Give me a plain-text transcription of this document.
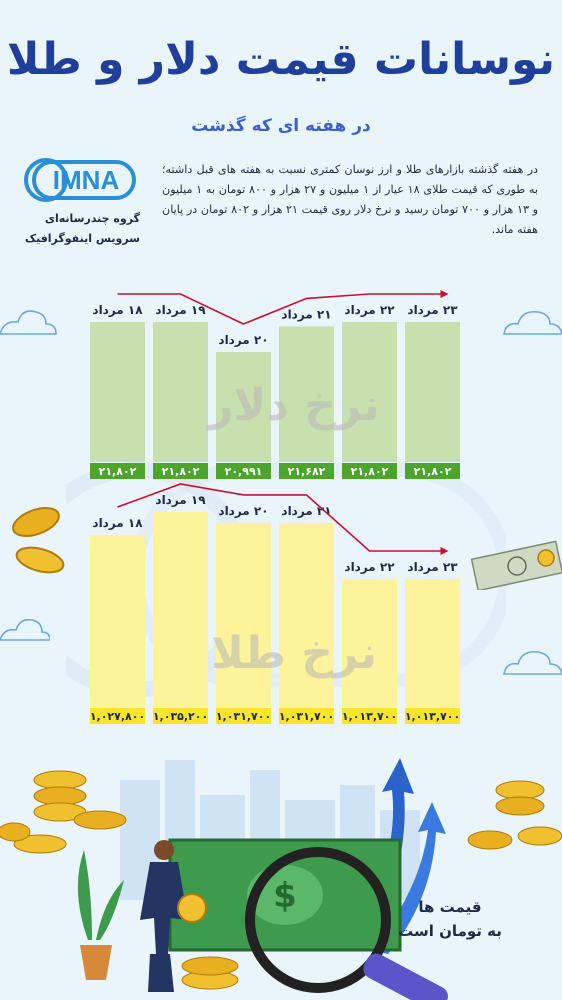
نوسانات قیمت دلار و طلا
در هفته ای که گذشت
IMNA
گروه چندرسانه‌ای
سرویس اینفوگرافیک
در هفته گذشته بازارهای طلا و ارز نوسان کمتری نسبت به هفته های قبل داشته؛ به طوری که قیمت طلای ۱۸ عیار از ۱ میلیون و ۲۷ هزار و ۸۰۰ تومان به ۱ میلیون و ۱۳ هزار و ۷۰۰ تومان رسید و نرخ دلار روی قیمت ۲۱ هزار و ۸۰۲ تومان در پایان هفته ماند.
۱۸ مرداد
۲۱,۸۰۲
۱۹ مرداد
۲۱,۸۰۲
۲۰ مرداد
۲۰,۹۹۱
۲۱ مرداد
۲۱,۶۸۲
۲۲ مرداد
۲۱,۸۰۲
۲۳ مرداد
۲۱,۸۰۲
نرخ دلار
۱۸ مرداد
۱,۰۲۷,۸۰۰
۱۹ مرداد
۱,۰۳۵,۲۰۰
۲۰ مرداد
۱,۰۳۱,۷۰۰
۲۱ مرداد
۱,۰۳۱,۷۰۰
۲۲ مرداد
۱,۰۱۳,۷۰۰
۲۳ مرداد
۱,۰۱۳,۷۰۰
نرخ طلا
$	قیمت ها
به تومان است
